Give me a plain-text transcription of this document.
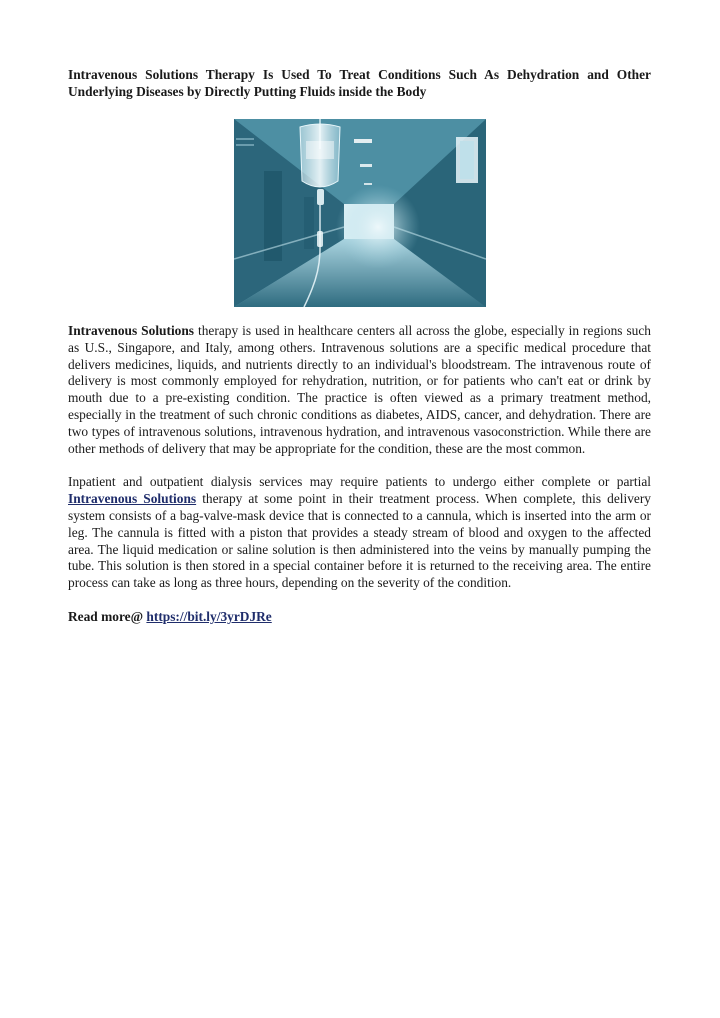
Intravenous Solutions Therapy Is Used To Treat Conditions Such As Dehydration and Other Underlying Diseases by Directly Putting Fluids inside the Body

Intravenous Solutions therapy is used in healthcare centers all across the globe, especially in regions such as U.S., Singapore, and Italy, among others. Intravenous solutions are a specific medical procedure that delivers medicines, liquids, and nutrients directly to an individual's bloodstream. The intravenous route of delivery is most commonly employed for rehydration, nutrition, or for patients who can't eat or drink by mouth due to a pre-existing condition. The practice is often viewed as a primary treatment method, especially in the treatment of such chronic conditions as diabetes, AIDS, cancer, and dehydration. There are two types of intravenous solutions, intravenous hydration, and intravenous vasoconstriction. While there are other methods of delivery that may be appropriate for the condition, these are the most common.

Inpatient and outpatient dialysis services may require patients to undergo either complete or partial Intravenous Solutions therapy at some point in their treatment process. When complete, this delivery system consists of a bag-valve-mask device that is connected to a cannula, which is inserted into the arm or leg. The cannula is fitted with a piston that provides a steady stream of blood and oxygen to the affected area. The liquid medication or saline solution is then administered into the veins by manually pumping the tube. This solution is then stored in a special container before it is returned to the receiving area. The entire process can take as long as three hours, depending on the severity of the condition.

Read more@ https://bit.ly/3yrDJRe
